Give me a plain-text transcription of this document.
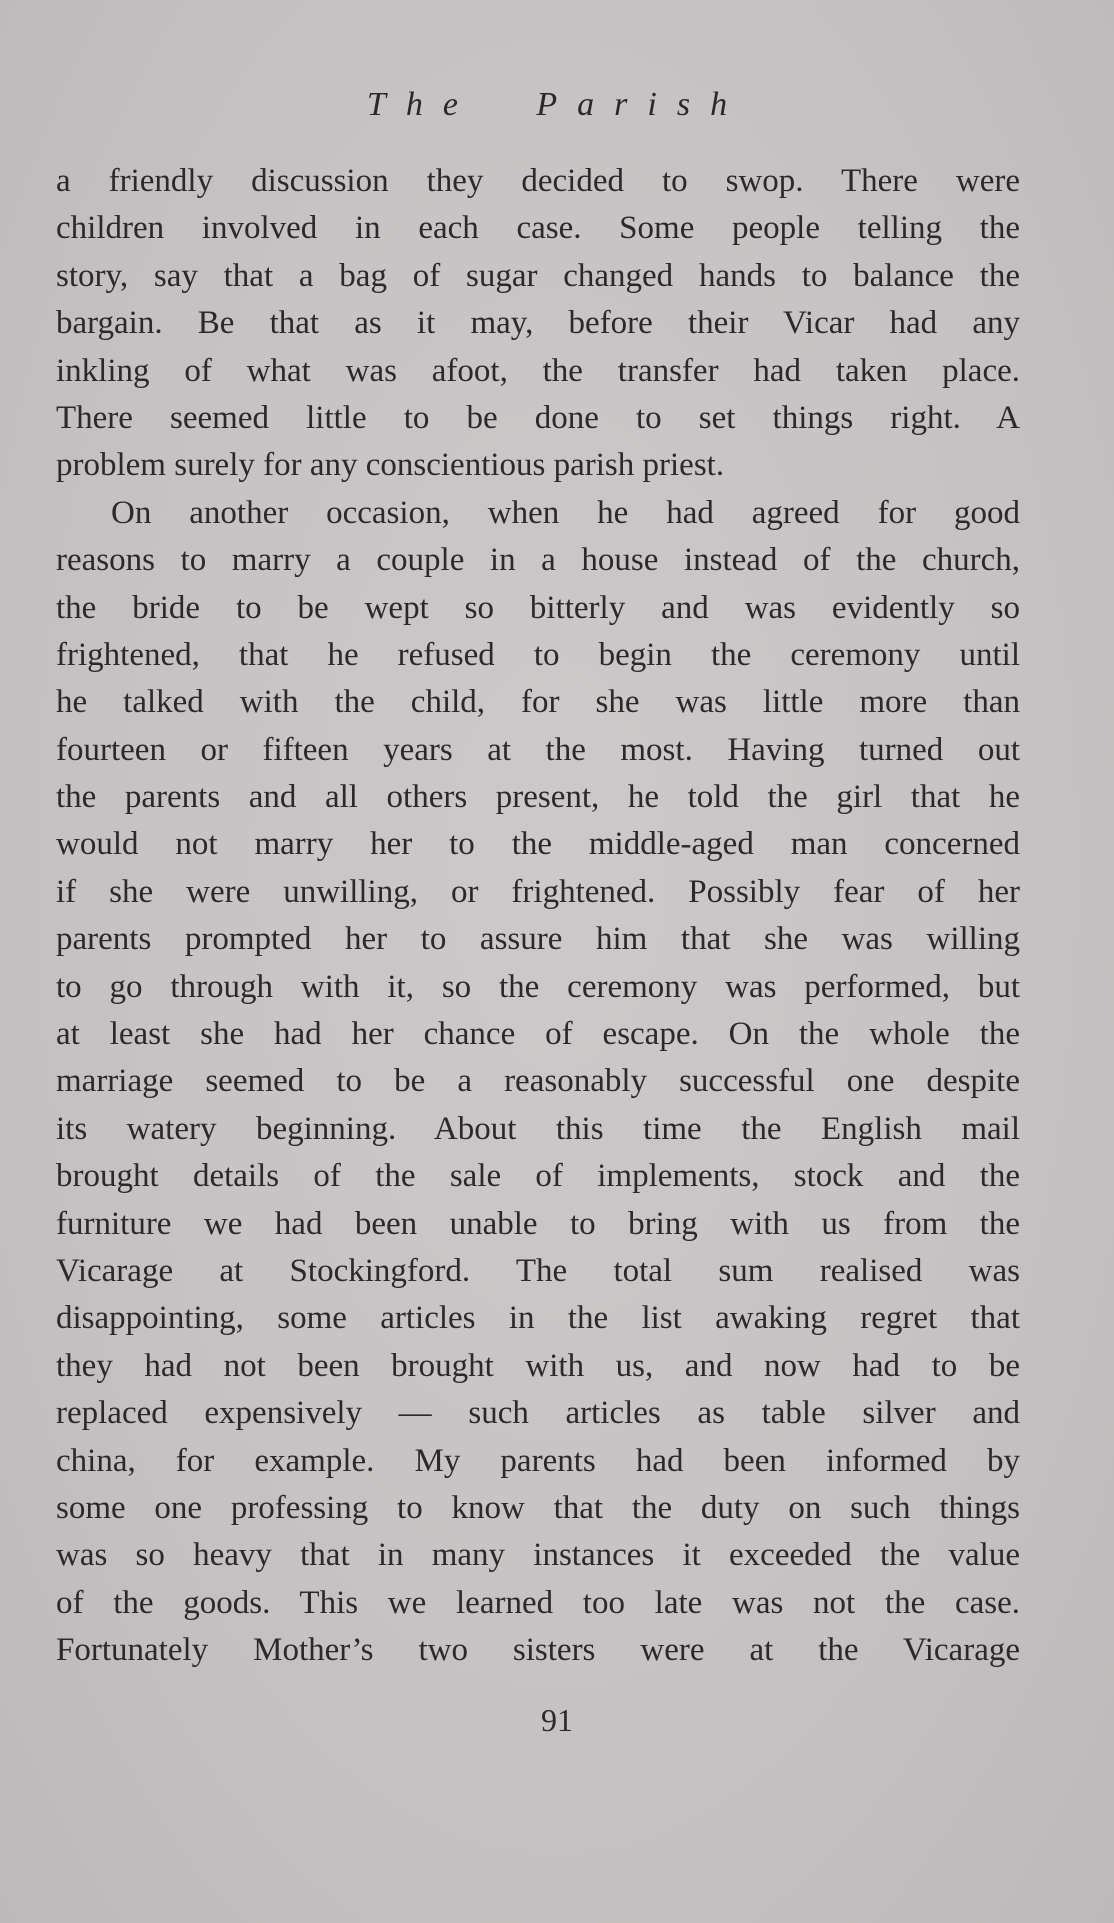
The Parish
a friendly discussion they decided to swop. There were
children involved in each case. Some people telling the
story, say that a bag of sugar changed hands to balance the
bargain. Be that as it may, before their Vicar had any
inkling of what was afoot, the transfer had taken place.
There seemed little to be done to set things right. A
problem surely for any conscientious parish priest.
On another occasion, when he had agreed for good
reasons to marry a couple in a house instead of the church,
the bride to be wept so bitterly and was evidently so
frightened, that he refused to begin the ceremony until
he talked with the child, for she was little more than
fourteen or fifteen years at the most. Having turned out
the parents and all others present, he told the girl that he
would not marry her to the middle-aged man concerned
if she were unwilling, or frightened. Possibly fear of her
parents prompted her to assure him that she was willing
to go through with it, so the ceremony was performed, but
at least she had her chance of escape. On the whole the
marriage seemed to be a reasonably successful one despite
its watery beginning. About this time the English mail
brought details of the sale of implements, stock and the
furniture we had been unable to bring with us from the
Vicarage at Stockingford. The total sum realised was
disappointing, some articles in the list awaking regret that
they had not been brought with us, and now had to be
replaced expensively — such articles as table silver and
china, for example. My parents had been informed by
some one professing to know that the duty on such things
was so heavy that in many instances it exceeded the value
of the goods. This we learned too late was not the case.
Fortunately Mother’s two sisters were at the Vicarage
91
